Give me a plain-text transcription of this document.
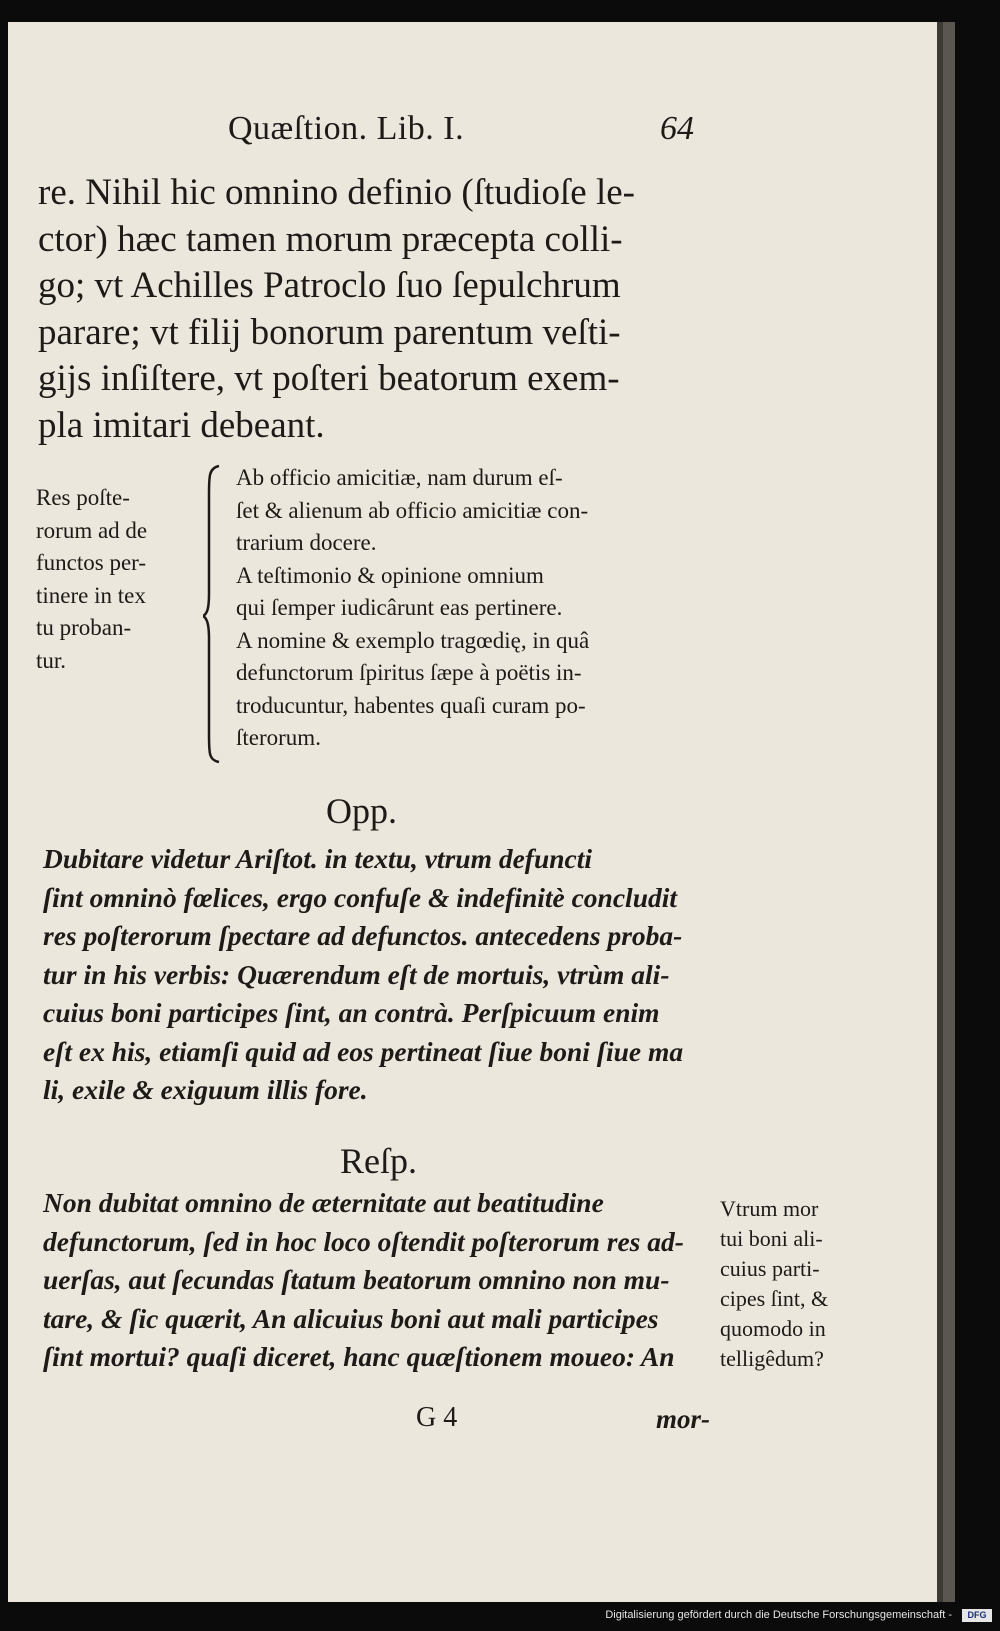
Quæſtion. Lib. I.	64
re. Nihil hic omnino definio (ſtudioſe le-
ctor) hæc tamen morum præcepta colli-
go; vt Achilles Patroclo ſuo ſepulchrum
parare; vt filij bonorum parentum veſti-
gijs inſiſtere, vt poſteri beatorum exem-
pla imitari debeant.
Res poſte-
rorum ad de
functos per-
tinere in tex
tu proban-
tur.
Ab officio amicitiæ, nam durum eſ-
ſet & alienum ab officio amicitiæ con-
trarium docere.
A teſtimonio & opinione omnium
qui ſemper iudicârunt eas pertinere.
A nomine & exemplo tragœdię, in quâ
defunctorum ſpiritus ſæpe à poëtis in-
troducuntur, habentes quaſi curam po-
ſterorum.
Opp.
Dubitare videtur Ariſtot. in textu, vtrum defuncti
ſint omninò fœlices, ergo confuſe & indefinitè concludit
res poſterorum ſpectare ad defunctos. antecedens proba-
tur in his verbis: Quærendum eſt de mortuis, vtrùm ali-
cuius boni participes ſint, an contrà. Perſpicuum enim
eſt ex his, etiamſi quid ad eos pertineat ſiue boni ſiue ma
li, exile & exiguum illis fore.
Reſp.
Non dubitat omnino de æternitate aut beatitudine
defunctorum, ſed in hoc loco oſtendit poſterorum res ad-
uerſas, aut ſecundas ſtatum beatorum omnino non mu-
tare, & ſic quærit, An alicuius boni aut mali participes
ſint mortui? quaſi diceret, hanc quæſtionem moueo: An
Vtrum mor
tui boni ali-
cuius parti-
cipes ſint, &
quomodo in
telligêdum?
G 4	mor-
Digitalisierung gefördert durch die Deutsche Forschungsgemeinschaft -	DFG
